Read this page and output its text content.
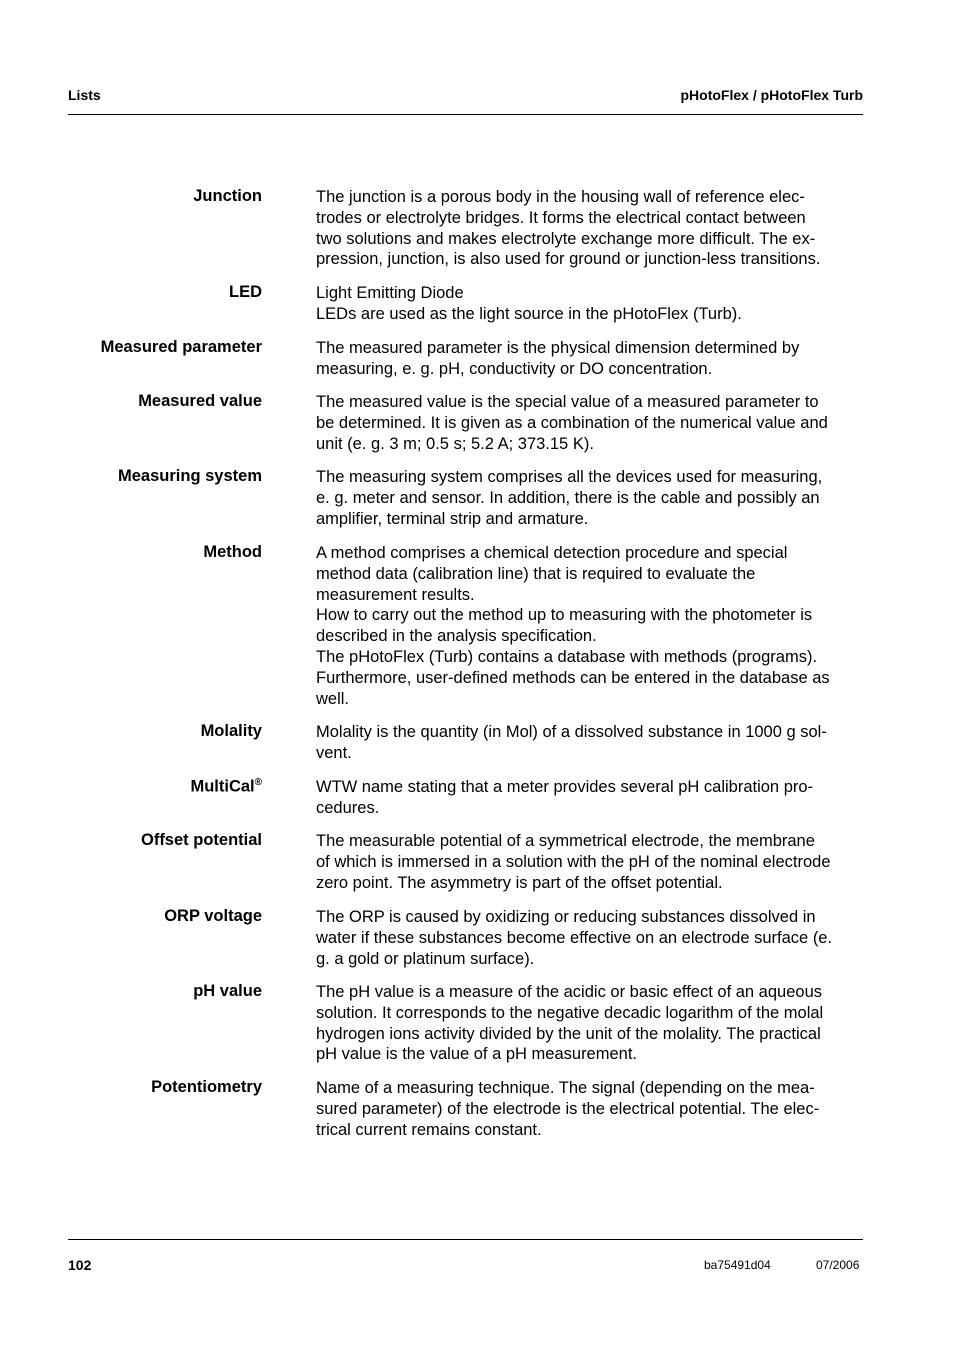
Lists	pHotoFlex / pHotoFlex Turb
Junction	The junction is a porous body in the housing wall of reference elec-
trodes or electrolyte bridges. It forms the electrical contact between
two solutions and makes electrolyte exchange more difficult. The ex-
pression, junction, is also used for ground or junction-less transitions.
LED	Light Emitting Diode
LEDs are used as the light source in the pHotoFlex (Turb).
Measured parameter	The measured parameter is the physical dimension determined by
measuring, e. g. pH, conductivity or DO concentration.
Measured value	The measured value is the special value of a measured parameter to
be determined. It is given as a combination of the numerical value and
unit (e. g. 3 m; 0.5 s; 5.2 A; 373.15 K).
Measuring system	The measuring system comprises all the devices used for measuring,
e. g. meter and sensor. In addition, there is the cable and possibly an
amplifier, terminal strip and armature.
Method	A method comprises a chemical detection procedure and special
method data (calibration line) that is required to evaluate the
measurement results.
How to carry out the method up to measuring with the photometer is
described in the analysis specification.
The pHotoFlex (Turb) contains a database with methods (programs).
Furthermore, user-defined methods can be entered in the database as
well.
Molality	Molality is the quantity (in Mol) of a dissolved substance in 1000 g sol-
vent.
MultiCal®	WTW name stating that a meter provides several pH calibration pro-
cedures.
Offset potential	The measurable potential of a symmetrical electrode, the membrane
of which is immersed in a solution with the pH of the nominal electrode
zero point. The asymmetry is part of the offset potential.
ORP voltage	The ORP is caused by oxidizing or reducing substances dissolved in
water if these substances become effective on an electrode surface (e.
g. a gold or platinum surface).
pH value	The pH value is a measure of the acidic or basic effect of an aqueous
solution. It corresponds to the negative decadic logarithm of the molal
hydrogen ions activity divided by the unit of the molality. The practical
pH value is the value of a pH measurement.
Potentiometry	Name of a measuring technique. The signal (depending on the mea-
sured parameter) of the electrode is the electrical potential. The elec-
trical current remains constant.
102	ba75491d04	07/2006
